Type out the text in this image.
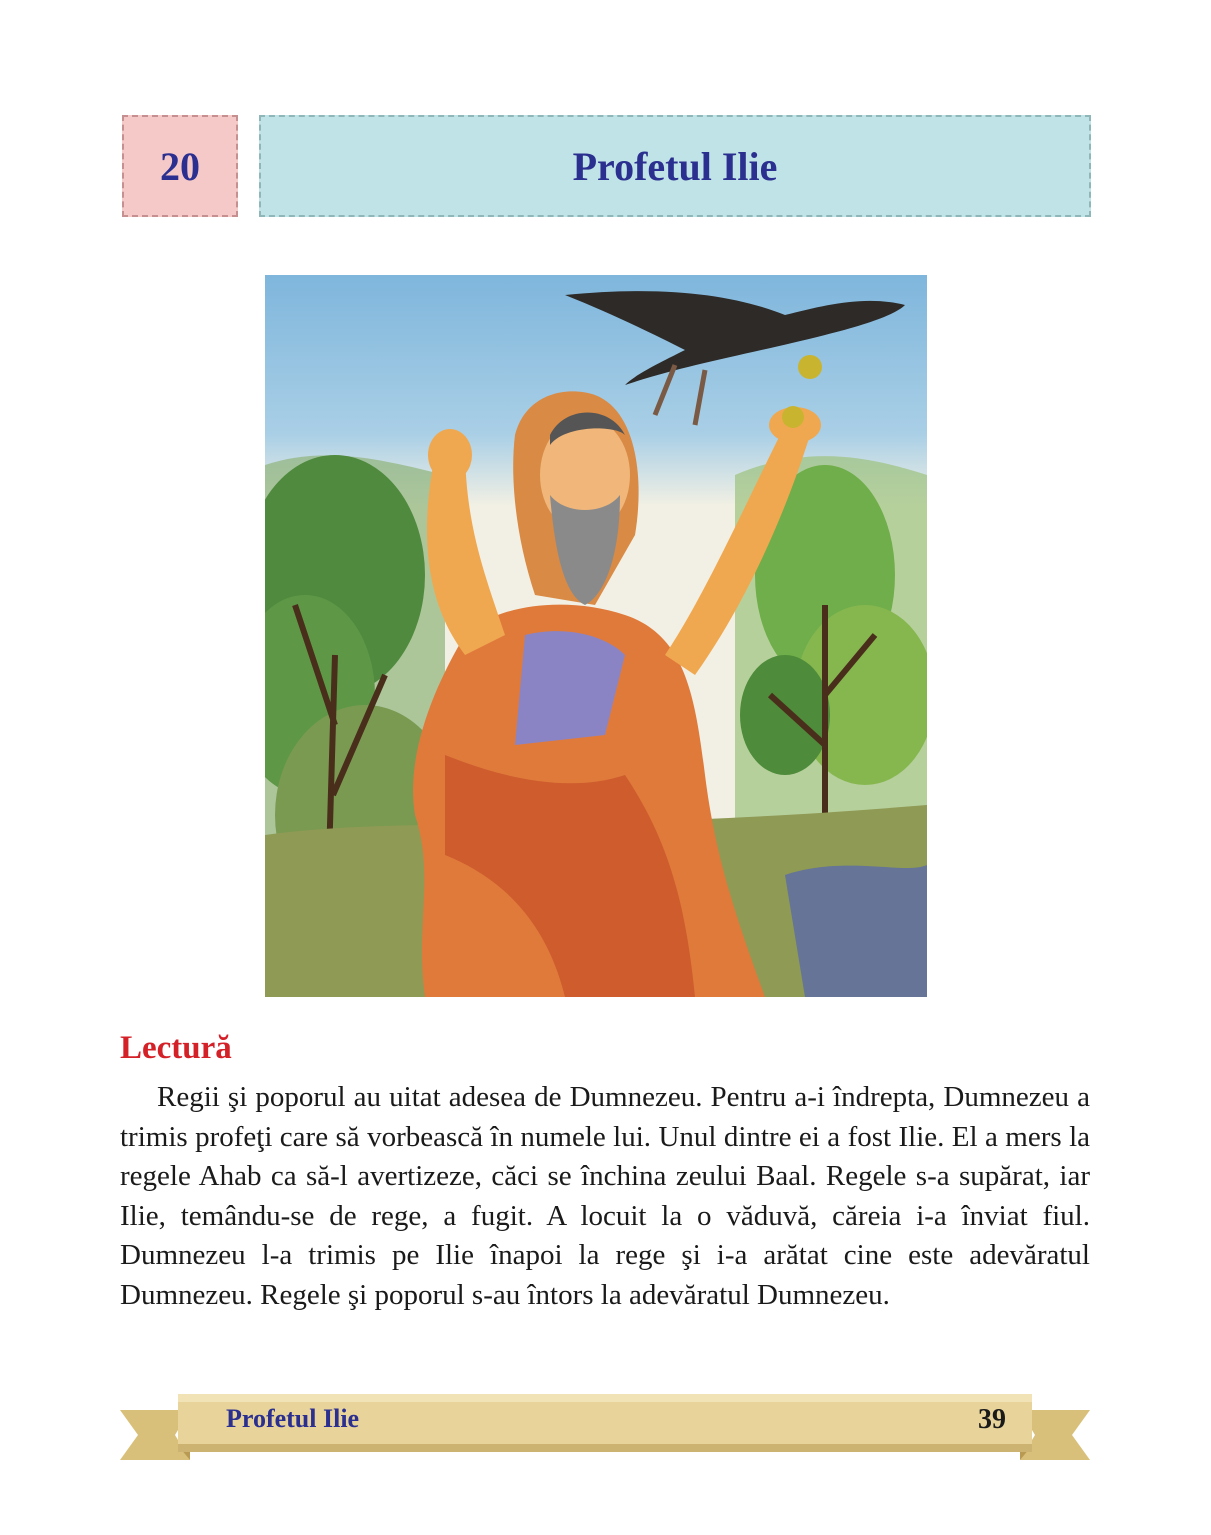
20	Profetul Ilie
Lectură

Regii şi poporul au uitat adesea de Dumnezeu. Pentru a-i îndrepta, Dumnezeu a trimis profeţi care să vorbească în numele lui. Unul dintre ei a fost Ilie. El a mers la regele Ahab ca să-l avertizeze, căci se închina zeului Baal. Regele s-a supărat, iar Ilie, temându-se de rege, a fugit. A locuit la o văduvă, căreia i-a înviat fiul. Dumnezeu l-a trimis pe Ilie înapoi la rege şi i-a arătat cine este adevăratul Dumnezeu. Regele şi poporul s-au întors la adevăratul Dumnezeu.

Profetul Ilie	39
